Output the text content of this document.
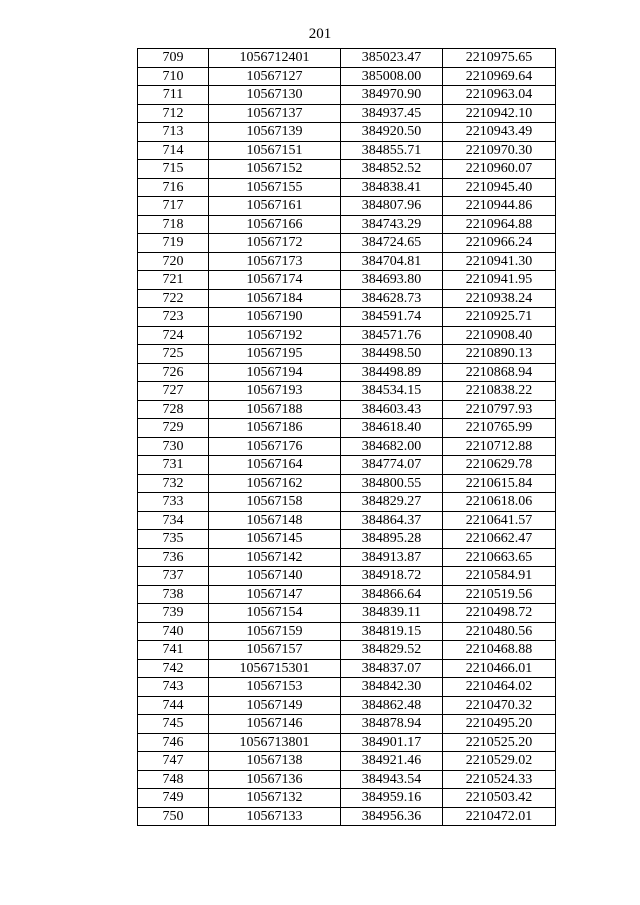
201
709	1056712401	385023.47	2210975.65
710	10567127	385008.00	2210969.64
711	10567130	384970.90	2210963.04
712	10567137	384937.45	2210942.10
713	10567139	384920.50	2210943.49
714	10567151	384855.71	2210970.30
715	10567152	384852.52	2210960.07
716	10567155	384838.41	2210945.40
717	10567161	384807.96	2210944.86
718	10567166	384743.29	2210964.88
719	10567172	384724.65	2210966.24
720	10567173	384704.81	2210941.30
721	10567174	384693.80	2210941.95
722	10567184	384628.73	2210938.24
723	10567190	384591.74	2210925.71
724	10567192	384571.76	2210908.40
725	10567195	384498.50	2210890.13
726	10567194	384498.89	2210868.94
727	10567193	384534.15	2210838.22
728	10567188	384603.43	2210797.93
729	10567186	384618.40	2210765.99
730	10567176	384682.00	2210712.88
731	10567164	384774.07	2210629.78
732	10567162	384800.55	2210615.84
733	10567158	384829.27	2210618.06
734	10567148	384864.37	2210641.57
735	10567145	384895.28	2210662.47
736	10567142	384913.87	2210663.65
737	10567140	384918.72	2210584.91
738	10567147	384866.64	2210519.56
739	10567154	384839.11	2210498.72
740	10567159	384819.15	2210480.56
741	10567157	384829.52	2210468.88
742	1056715301	384837.07	2210466.01
743	10567153	384842.30	2210464.02
744	10567149	384862.48	2210470.32
745	10567146	384878.94	2210495.20
746	1056713801	384901.17	2210525.20
747	10567138	384921.46	2210529.02
748	10567136	384943.54	2210524.33
749	10567132	384959.16	2210503.42
750	10567133	384956.36	2210472.01
